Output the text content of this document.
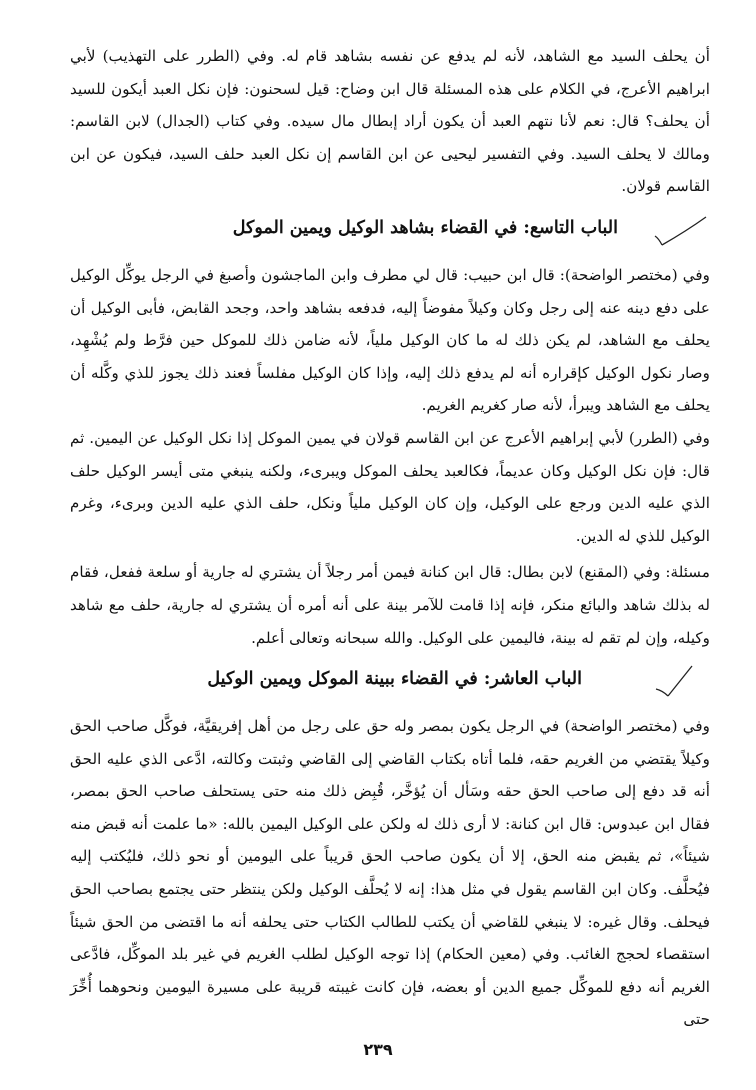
أن يحلف السيد مع الشاهد، لأنه لم يدفع عن نفسه بشاهد قام له. وفي (الطرر على التهذيب) لأبي ابراهيم الأعرج، في الكلام على هذه المسئلة قال ابن وضاح: قيل لسحنون: فإن نكل العبد أيكون للسيد أن يحلف؟ قال: نعم لأنا نتهم العبد أن يكون أراد إبطال مال سيده. وفي كتاب (الجدال) لابن القاسم: ومالك لا يحلف السيد. وفي التفسير ليحيى عن ابن القاسم إن نكل العبد حلف السيد، فيكون عن ابن القاسم قولان.

الباب التاسع: في القضاء بشاهد الوكيل ويمين الموكل

وفي (مختصر الواضحة): قال ابن حبيب: قال لي مطرف وابن الماجشون وأصبغ في الرجل يوكِّل الوكيل على دفع دينه عنه إلى رجل وكان وكيلاً مفوضاً إليه، فدفعه بشاهد واحد، وجحد القابض، فأبى الوكيل أن يحلف مع الشاهد، لم يكن ذلك له ما كان الوكيل ملياً، لأنه ضامن ذلك للموكل حين فرَّط ولم يُشْهِد، وصار نكول الوكيل كإقراره أنه لم يدفع ذلك إليه، وإذا كان الوكيل مفلساً فعند ذلك يجوز للذي وكَّله أن يحلف مع الشاهد ويبرأ، لأنه صار كغريم الغريم.

وفي (الطرر) لأبي إبراهيم الأعرج عن ابن القاسم قولان في يمين الموكل إذا نكل الوكيل عن اليمين. ثم قال: فإن نكل الوكيل وكان عديماً، فكالعبد يحلف الموكل ويبرىء، ولكنه ينبغي متى أيسر الوكيل حلف الذي عليه الدين ورجع على الوكيل، وإن كان الوكيل ملياً ونكل، حلف الذي عليه الدين وبرىء، وغرم الوكيل للذي له الدين.

مسئلة: وفي (المقنع) لابن بطال: قال ابن كنانة فيمن أمر رجلاً أن يشتري له جارية أو سلعة ففعل، فقام له بذلك شاهد والبائع منكر، فإنه إذا قامت للآمر بينة على أنه أمره أن يشتري له جارية، حلف مع شاهد وكيله، وإن لم تقم له بينة، فاليمين على الوكيل. والله سبحانه وتعالى أعلم.

الباب العاشر: في القضاء ببينة الموكل ويمين الوكيل

وفي (مختصر الواضحة) في الرجل يكون بمصر وله حق على رجل من أهل إفريقيَّة، فوكَّل صاحب الحق وكيلاً يقتضي من الغريم حقه، فلما أتاه بكتاب القاضي إلى القاضي وثبتت وكالته، ادَّعى الذي عليه الحق أنه قد دفع إلى صاحب الحق حقه وسَأل أن يُؤخَّر، قُبِض ذلك منه حتى يستحلف صاحب الحق بمصر، فقال ابن عبدوس: قال ابن كنانة: لا أرى ذلك له ولكن على الوكيل اليمين بالله: «ما علمت أنه قبض منه شيئاً»، ثم يقبض منه الحق، إلا أن يكون صاحب الحق قريباً على اليومين أو نحو ذلك، فليُكتب إليه فيُحلَّف. وكان ابن القاسم يقول في مثل هذا: إنه لا يُحلَّف الوكيل ولكن ينتظر حتى يجتمع بصاحب الحق فيحلف. وقال غيره: لا ينبغي للقاضي أن يكتب للطالب الكتاب حتى يحلفه أنه ما اقتضى من الحق شيئاً استقصاء لحجج الغائب. وفي (معين الحكام) إذا توجه الوكيل لطلب الغريم في غير بلد الموكِّل، فادَّعى الغريم أنه دفع للموكِّل جميع الدين أو بعضه، فإن كانت غيبته قريبة على مسيرة اليومين ونحوهما أُخِّرَ حتى

٢٣٩
